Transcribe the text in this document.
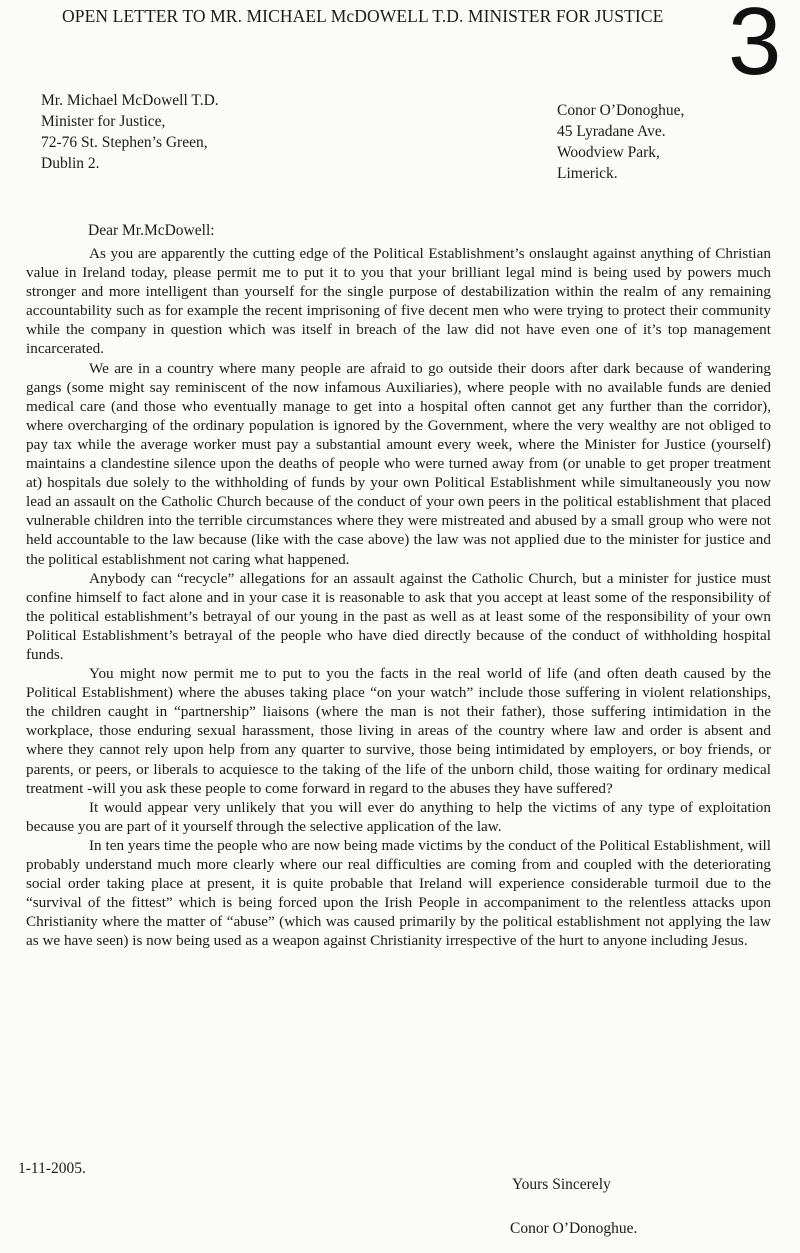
OPEN LETTER TO MR. MICHAEL McDOWELL T.D. MINISTER FOR JUSTICE 3
Mr. Michael McDowell T.D.
Minister for Justice,
72-76 St. Stephen’s Green,
Dublin 2.
Conor O’Donoghue,
45 Lyradane Ave.
Woodview Park,
Limerick.
Dear Mr.McDowell:

As you are apparently the cutting edge of the Political Establishment’s onslaught against anything of Christian value in Ireland today, please permit me to put it to you that your brilliant legal mind is being used by powers much stronger and more intelligent than yourself for the single purpose of destabilization within the realm of any remaining accountability such as for example the recent imprisoning of five decent men who were trying to protect their community while the company in question which was itself in breach of the law did not have even one of it’s top management incarcerated.

We are in a country where many people are afraid to go outside their doors after dark because of wandering gangs (some might say reminiscent of the now infamous Auxiliaries), where people with no available funds are denied medical care (and those who eventually manage to get into a hospital often cannot get any further than the corridor), where overcharging of the ordinary population is ignored by the Government, where the very wealthy are not obliged to pay tax while the average worker must pay a substantial amount every week, where the Minister for Justice (yourself) maintains a clandestine silence upon the deaths of people who were turned away from (or unable to get proper treatment at) hospitals due solely to the withholding of funds by your own Political Establishment while simultaneously you now lead an assault on the Catholic Church because of the conduct of your own peers in the political establishment that placed vulnerable children into the terrible circumstances where they were mistreated and abused by a small group who were not held accountable to the law because (like with the case above) the law was not applied due to the minister for justice and the political establishment not caring what happened.

Anybody can “recycle” allegations for an assault against the Catholic Church, but a minister for justice must confine himself to fact alone and in your case it is reasonable to ask that you accept at least some of the responsibility of the political establishment’s betrayal of our young in the past as well as at least some of the responsibility of your own Political Establishment’s betrayal of the people who have died directly because of the conduct of withholding hospital funds.

You might now permit me to put to you the facts in the real world of life (and often death caused by the Political Establishment) where the abuses taking place “on your watch” include those suffering in violent relationships, the children caught in “partnership” liaisons (where the man is not their father), those suffering intimidation in the workplace, those enduring sexual harassment, those living in areas of the country where law and order is absent and where they cannot rely upon help from any quarter to survive, those being intimidated by employers, or boy friends, or parents, or peers, or liberals to acquiesce to the taking of the life of the unborn child, those waiting for ordinary medical treatment -will you ask these people to come forward in regard to the abuses they have suffered?

It would appear very unlikely that you will ever do anything to help the victims of any type of exploitation because you are part of it yourself through the selective application of the law.

In ten years time the people who are now being made victims by the conduct of the Political Establishment, will probably understand much more clearly where our real difficulties are coming from and coupled with the deteriorating social order taking place at present, it is quite probable that Ireland will experience considerable turmoil due to the “survival of the fittest” which is being forced upon the Irish People in accompaniment to the relentless attacks upon Christianity where the matter of “abuse” (which was caused primarily by the political establishment not applying the law as we have seen) is now being used as a weapon against Christianity irrespective of the hurt to anyone including Jesus.

1-11-2005.
Yours Sincerely
Conor O’Donoghue.
